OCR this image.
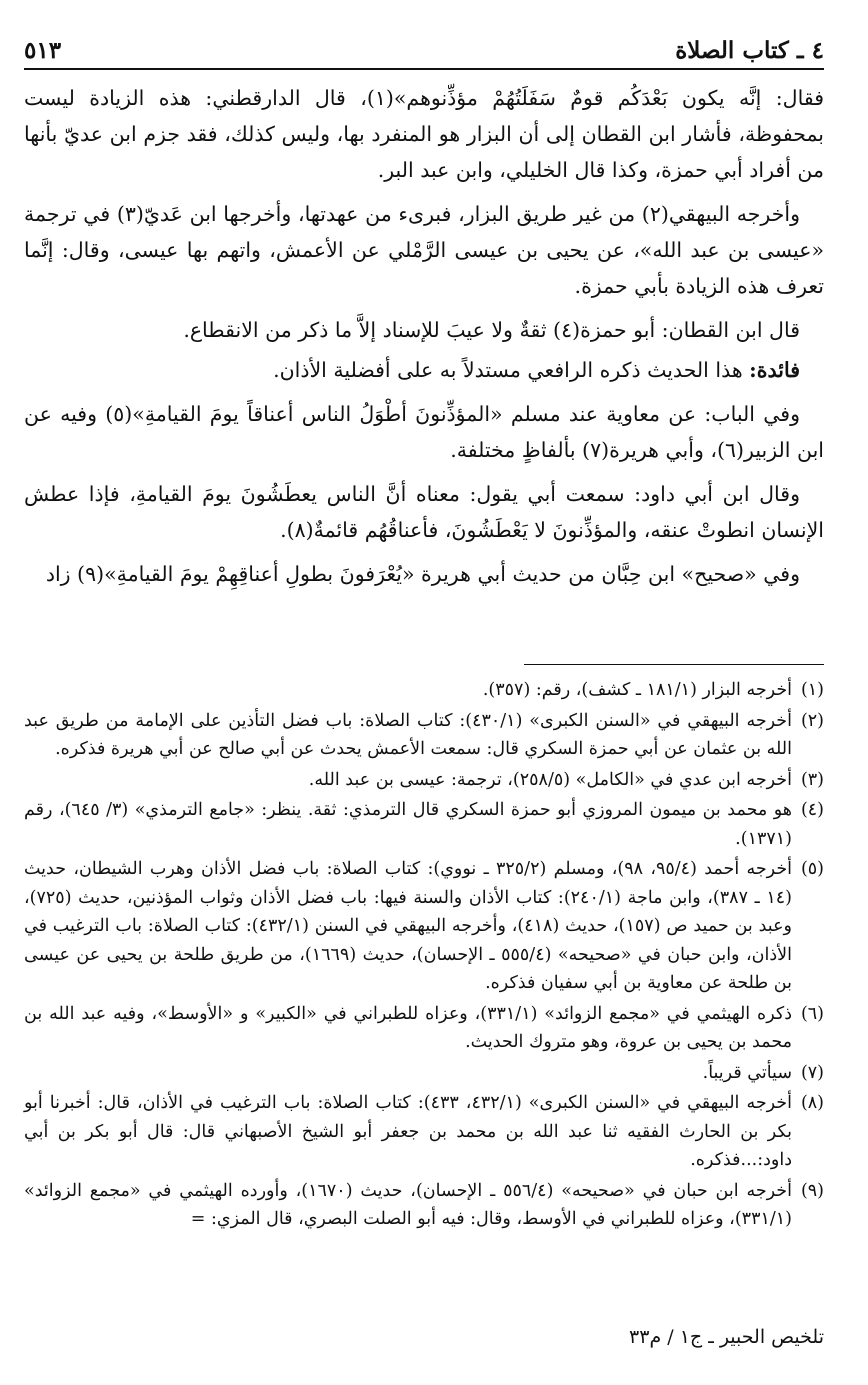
٤ ـ كتاب الصلاة
٥١٣

فقال: إنَّه يكون بَعْدَكُم قومٌ سَفَلَتُهُمْ مؤذِّنوهم»(١)، قال الدارقطني: هذه الزيادة ليست بمحفوظة، فأشار ابن القطان إلى أن البزار هو المنفرد بها، وليس كذلك، فقد جزم ابن عديّ بأنها من أفراد أبي حمزة، وكذا قال الخليلي، وابن عبد البر.

وأخرجه البيهقي(٢) من غير طريق البزار، فبرىء من عهدتها، وأخرجها ابن عَديّ(٣) في ترجمة «عيسى بن عبد الله»، عن يحيى بن عيسى الرَّمْلي عن الأعمش، واتهم بها عيسى، وقال: إنَّما تعرف هذه الزيادة بأبي حمزة.

قال ابن القطان: أبو حمزة(٤) ثقةٌ ولا عيبَ للإسناد إلاَّ ما ذكر من الانقطاع.

فائدة: هذا الحديث ذكره الرافعي مستدلاً به على أفضلية الأذان.

وفي الباب: عن معاوية عند مسلم «المؤذِّنونَ أطْوَلُ الناس أعناقاً يومَ القيامةِ»(٥) وفيه عن ابن الزبير(٦)، وأبي هريرة(٧) بألفاظٍ مختلفة.

وقال ابن أبي داود: سمعت أبي يقول: معناه أنَّ الناس يعطَشُونَ يومَ القيامةِ، فإذا عطش الإنسان انطوتْ عنقه، والمؤذِّنونَ لا يَعْطَشُونَ، فأعناقُهُم قائمةٌ(٨).

وفي «صحيح» ابن حِبَّان من حديث أبي هريرة «يُعْرَفونَ بطولِ أعناقِهِمْ يومَ القيامةِ»(٩) زاد

(١)
أخرجه البزار (١٨١/١ ـ كشف)، رقم: (٣٥٧).
(٢)
أخرجه البيهقي في «السنن الكبرى» (٤٣٠/١): كتاب الصلاة: باب فضل التأذين على الإمامة من طريق عبد الله بن عثمان عن أبي حمزة السكري قال: سمعت الأعمش يحدث عن أبي صالح عن أبي هريرة فذكره.
(٣)
أخرجه ابن عدي في «الكامل» (٢٥٨/٥)، ترجمة: عيسى بن عبد الله.
(٤)
هو محمد بن ميمون المروزي أبو حمزة السكري قال الترمذي: ثقة. ينظر: «جامع الترمذي» (٣/ ٦٤٥)، رقم (١٣٧١).
(٥)
أخرجه أحمد (٩٥/٤، ٩٨)، ومسلم (٣٢٥/٢ ـ نووي): كتاب الصلاة: باب فضل الأذان وهرب الشيطان، حديث (١٤ ـ ٣٨٧)، وابن ماجة (٢٤٠/١): كتاب الأذان والسنة فيها: باب فضل الأذان وثواب المؤذنين، حديث (٧٢٥)، وعبد بن حميد ص (١٥٧)، حديث (٤١٨)، وأخرجه البيهقي في السنن (٤٣٢/١): كتاب الصلاة: باب الترغيب في الأذان، وابن حبان في «صحيحه» (٥٥٥/٤ ـ الإحسان)، حديث (١٦٦٩)، من طريق طلحة بن يحيى عن عيسى بن طلحة عن معاوية بن أبي سفيان فذكره.
(٦)
ذكره الهيثمي في «مجمع الزوائد» (٣٣١/١)، وعزاه للطبراني في «الكبير» و «الأوسط»، وفيه عبد الله بن محمد بن يحيى بن عروة، وهو متروك الحديث.
(٧)
سيأتي قريباً.
(٨)
أخرجه البيهقي في «السنن الكبرى» (٤٣٢/١، ٤٣٣): كتاب الصلاة: باب الترغيب في الأذان، قال: أخبرنا أبو بكر بن الحارث الفقيه ثنا عبد الله بن محمد بن جعفر أبو الشيخ الأصبهاني قال: قال أبو بكر بن أبي داود:...فذكره.
(٩)
أخرجه ابن حبان في «صحيحه» (٥٥٦/٤ ـ الإحسان)، حديث (١٦٧٠)، وأورده الهيثمي في «مجمع الزوائد» (٣٣١/١)، وعزاه للطبراني في الأوسط، وقال: فيه أبو الصلت البصري، قال المزي: =
تلخيص الحبير ـ ج١ / م٣٣
